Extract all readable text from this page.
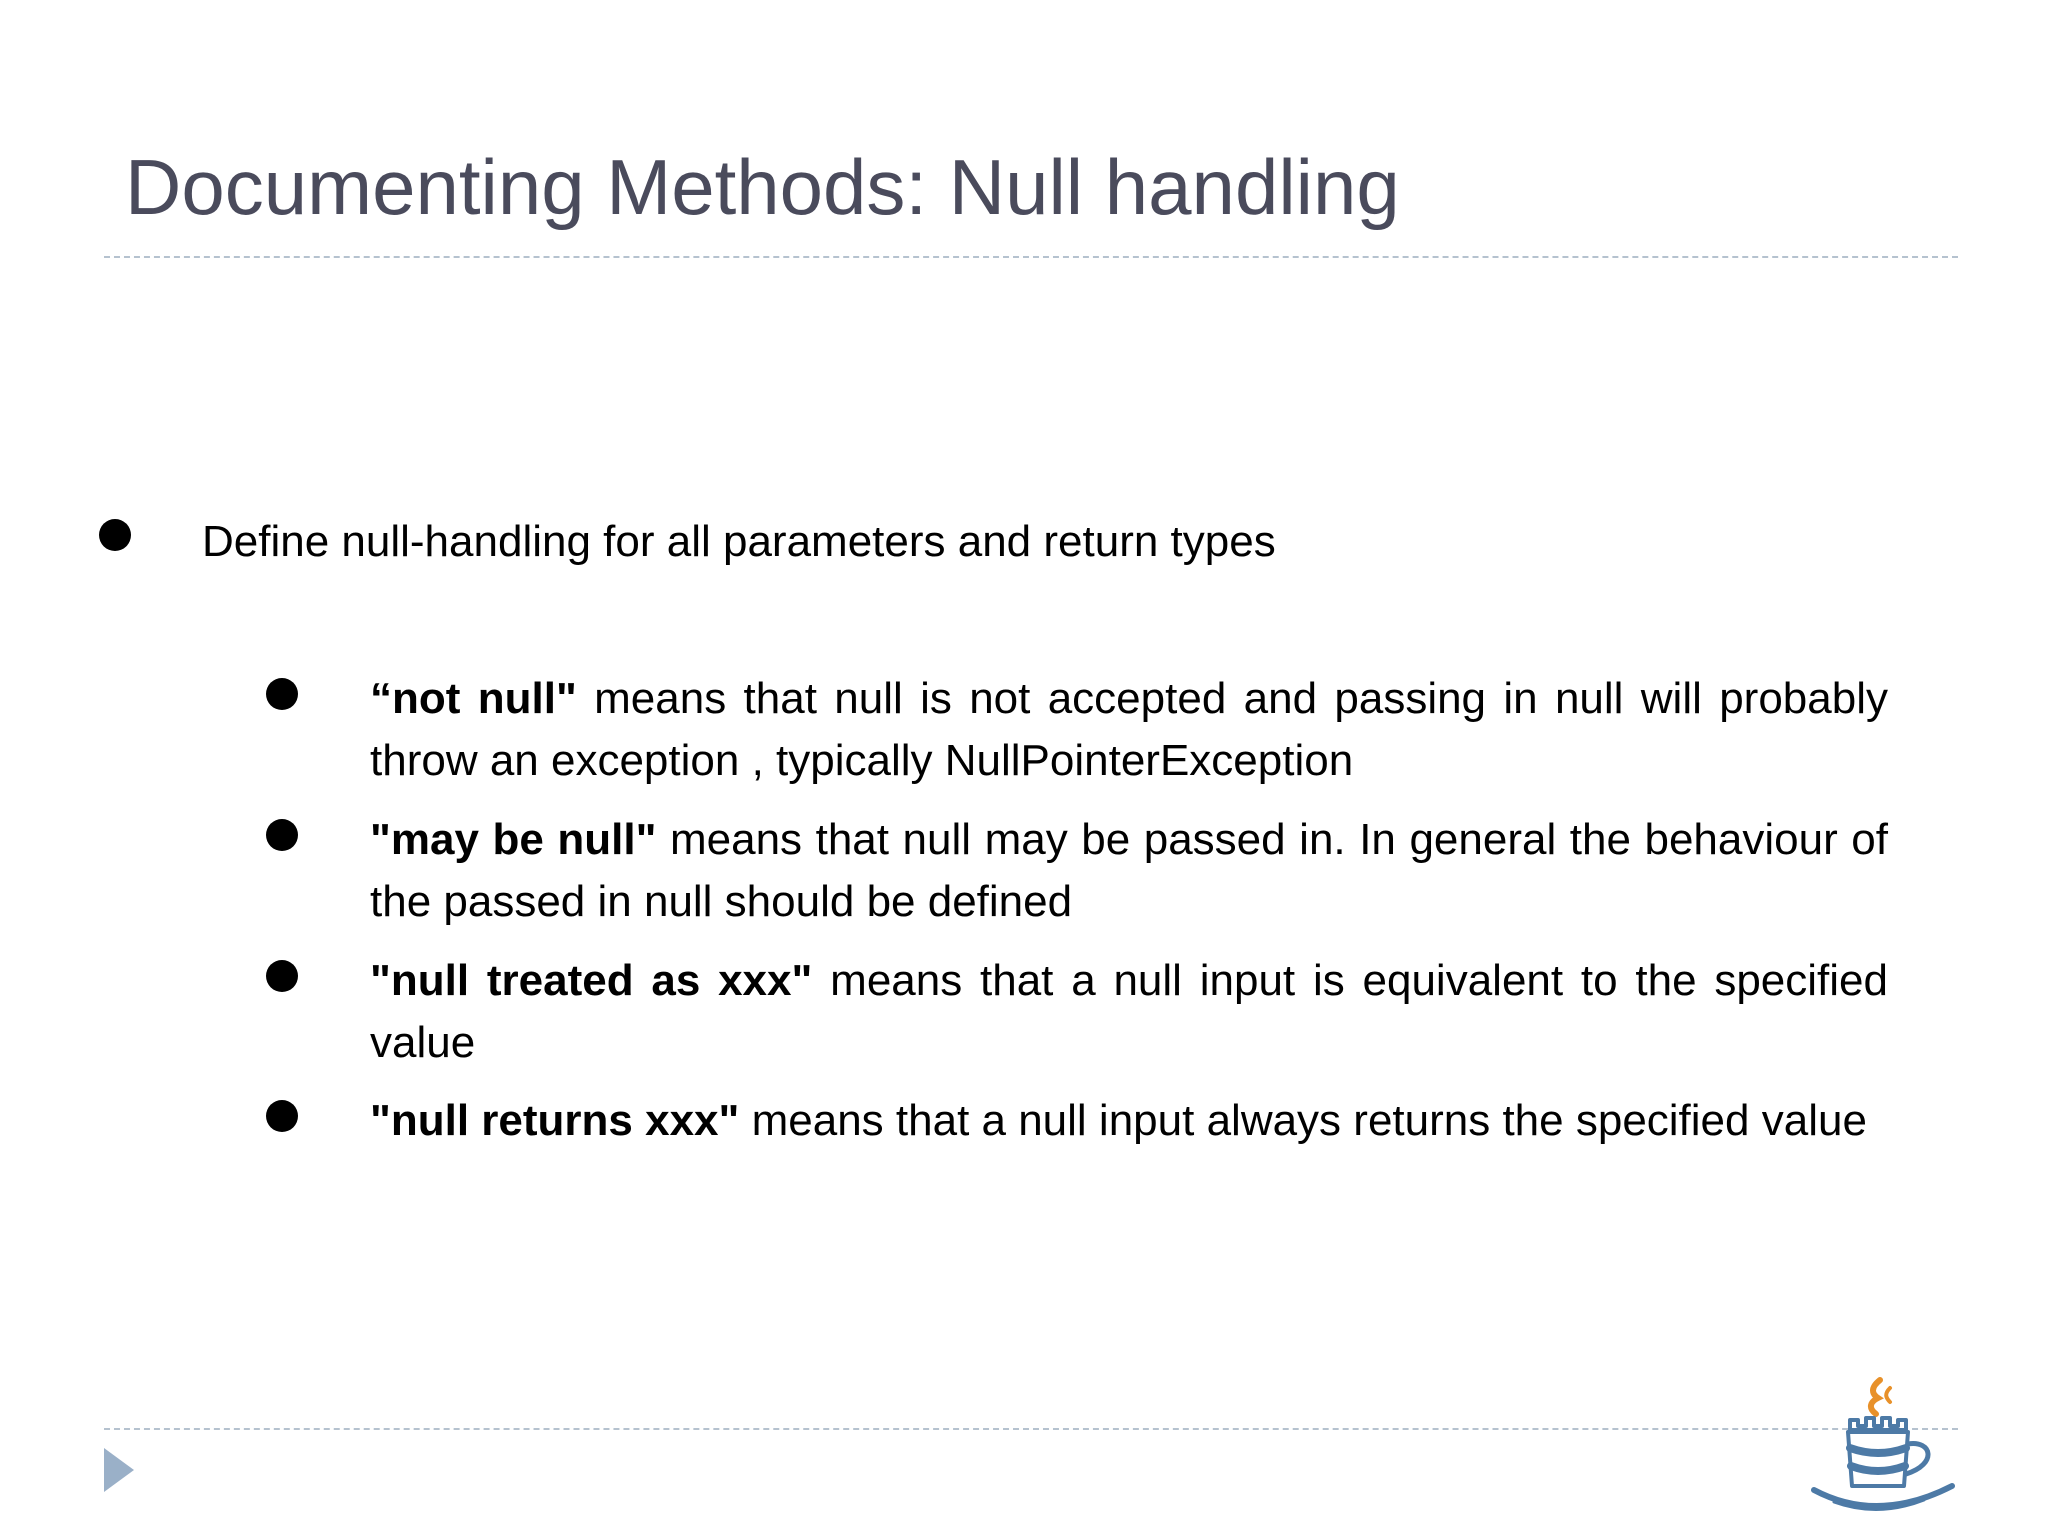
Documenting Methods: Null handling
Define null-handling for all parameters and return types
“not null" means that null is not accepted and passing in null will probably throw an exception , typically NullPointerException
"may be null" means that null may be passed in. In general the behaviour of the passed in null should be defined
"null treated as xxx" means that a null input is equivalent to the specified value
"null returns xxx" means that a null input always returns the specified value
